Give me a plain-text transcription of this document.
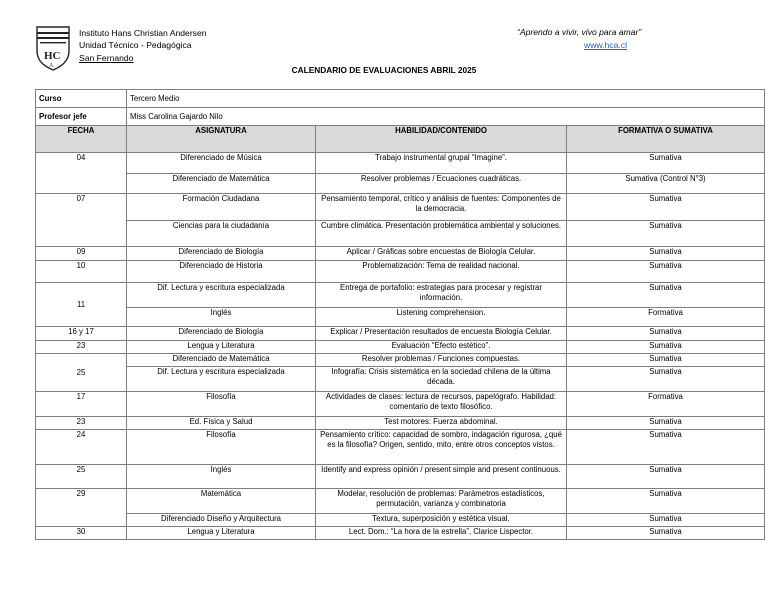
HC
A
Instituto Hans Christian Andersen
Unidad Técnico - Pedagógica
San Fernando
“Aprendo a vivir, vivo para amar”
www.hca.cl
CALENDARIO DE EVALUACIONES ABRIL 2025
Curso	Tercero Medio		
Profesor jefe	Miss Carolina Gajardo Nilo		
FECHA	ASIGNATURA	HABILIDAD/CONTENIDO	FORMATIVA O SUMATIVA
04	Diferenciado de Música	Trabajo instrumental grupal “Imagine”.	Sumativa
	Diferenciado de Matemática	Resolver problemas / Ecuaciones cuadráticas.	Sumativa (Control N°3)
07	Formación Ciudadana	Pensamiento temporal, crítico y análisis de fuentes: Componentes de la democracia.	Sumativa
	Ciencias para la ciudadanía	Cumbre climática. Presentación problemática ambiental y soluciones.	Sumativa
09	Diferenciado de Biología	Aplicar / Gráficas sobre encuestas de Biología Celular.	Sumativa
10	Diferenciado de Historia	Problematización: Tema de realidad nacional.	Sumativa
11	Dif. Lectura y escritura especializada	Entrega de portafolio: estrategias para procesar y registrar información.	Sumativa
	Inglés	Listening comprehension.	Formativa
16 y 17	Diferenciado de Biología	Explicar / Presentación resultados de encuesta Biología Celular.	Sumativa
23	Lengua y Literatura	Evaluación “Efecto estético”.	Sumativa
25	Diferenciado de Matemática	Resolver problemas / Funciones compuestas.	Sumativa
	Dif. Lectura y escritura especializada	Infografía: Crisis sistemática en la sociedad chilena de la última década.	Sumativa
17	Filosofía	Actividades de clases: lectura de recursos, papelógrafo. Habilidad: comentario de texto filosófico.	Formativa
23	Ed. Física y Salud	Test motores: Fuerza abdominal.	Sumativa
24	Filosofía	Pensamiento crítico: capacidad de sombro, indagación rigurosa, ¿qué es la filosofía? Origen, sentido, mito, entre otros conceptos vistos.	Sumativa
25	Inglés	Identify and express opinión / present simple and present continuous.	Sumativa
29	Matemática	Modelar, resolución de problemas: Parámetros estadísticos, permutación, varianza y combinatoria	Sumativa
	Diferenciado Diseño y Arquitectura	Textura, superposición y estética visual.	Sumativa
30	Lengua y Literatura	Lect. Dom.: “La hora de la estrella”, Clarice Lispector.	Sumativa
